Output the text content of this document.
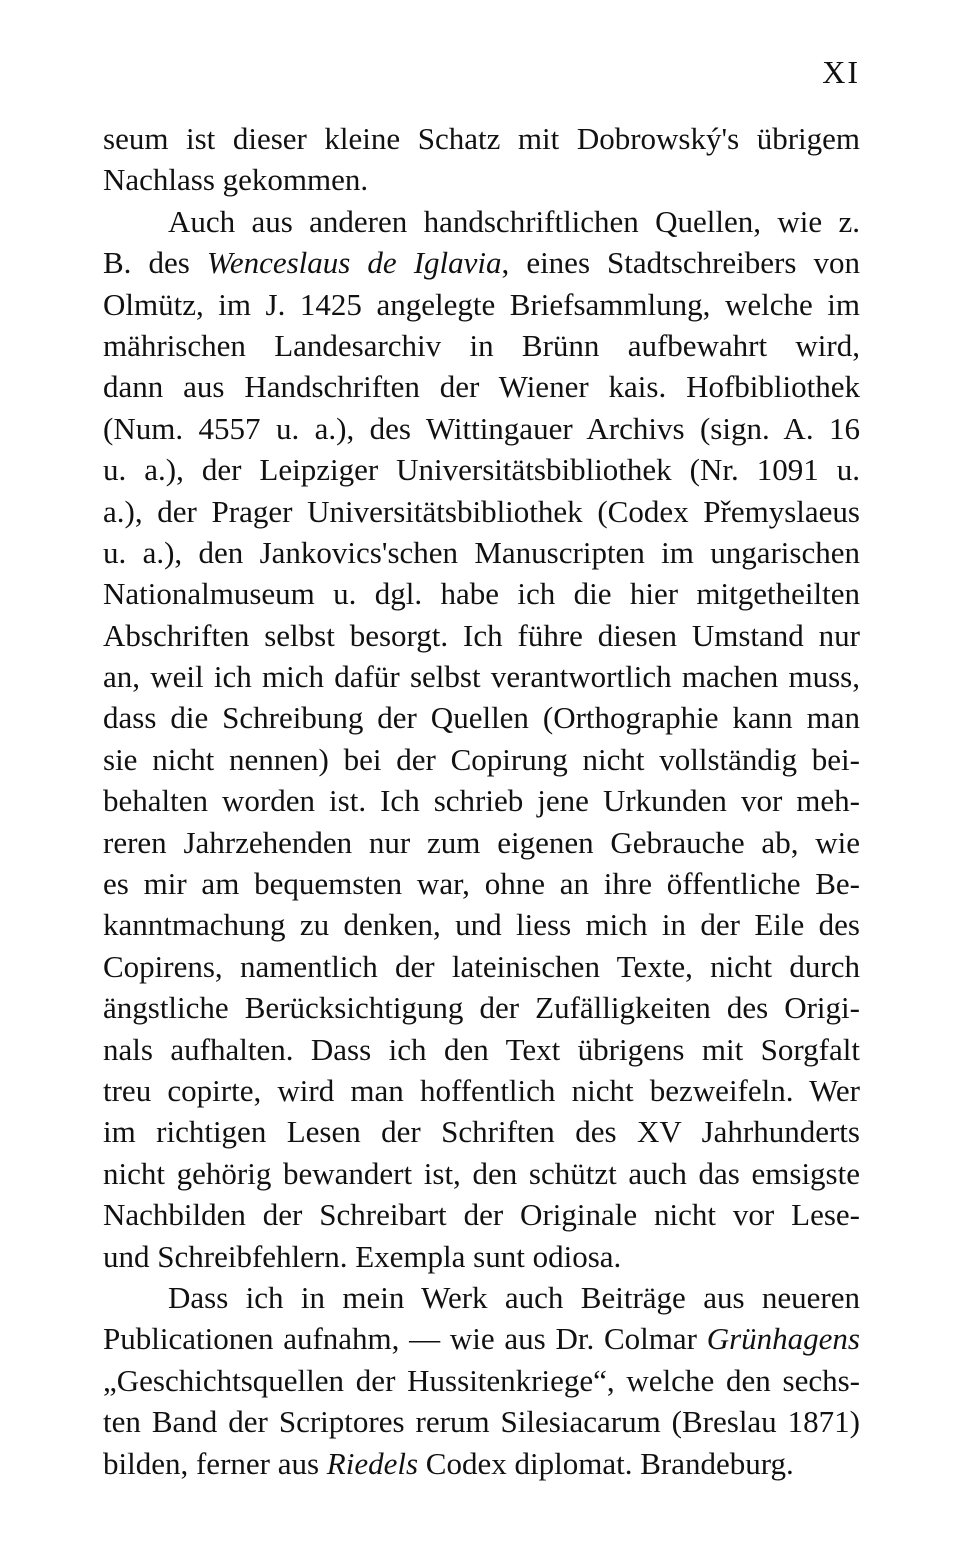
XI
seum ist dieser kleine Schatz mit Dobrowský's übrigem
Nachlass gekommen.
Auch aus anderen handschriftlichen Quellen, wie z.
B. des Wenceslaus de Iglavia, eines Stadtschreibers von
Olmütz, im J. 1425 angelegte Briefsammlung, welche im
mährischen Landesarchiv in Brünn aufbewahrt wird,
dann aus Handschriften der Wiener kais. Hofbibliothek
(Num. 4557 u. a.), des Wittingauer Archivs (sign. A. 16
u. a.), der Leipziger Universitätsbibliothek (Nr. 1091 u.
a.), der Prager Universitätsbibliothek (Codex Přemyslaeus
u. a.), den Jankovics'schen Manuscripten im ungarischen
Nationalmuseum u. dgl. habe ich die hier mitgetheilten
Abschriften selbst besorgt. Ich führe diesen Umstand nur
an, weil ich mich dafür selbst verantwortlich machen muss,
dass die Schreibung der Quellen (Orthographie kann man
sie nicht nennen) bei der Copirung nicht vollständig bei-
behalten worden ist. Ich schrieb jene Urkunden vor meh-
reren Jahrzehenden nur zum eigenen Gebrauche ab, wie
es mir am bequemsten war, ohne an ihre öffentliche Be-
kanntmachung zu denken, und liess mich in der Eile des
Copirens, namentlich der lateinischen Texte, nicht durch
ängstliche Berücksichtigung der Zufälligkeiten des Origi-
nals aufhalten. Dass ich den Text übrigens mit Sorgfalt
treu copirte, wird man hoffentlich nicht bezweifeln. Wer
im richtigen Lesen der Schriften des XV Jahrhunderts
nicht gehörig bewandert ist, den schützt auch das emsigste
Nachbilden der Schreibart der Originale nicht vor Lese-
und Schreibfehlern. Exempla sunt odiosa.
Dass ich in mein Werk auch Beiträge aus neueren
Publicationen aufnahm, — wie aus Dr. Colmar Grünhagens
„Geschichtsquellen der Hussitenkriege“, welche den sechs-
ten Band der Scriptores rerum Silesiacarum (Breslau 1871)
bilden, ferner aus Riedels Codex diplomat. Brandeburg.
